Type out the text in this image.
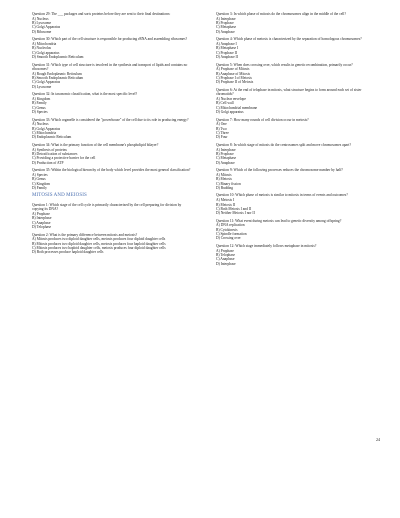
Question 29: The ___ packages and sorts proteins before they are sent to their final destinations:

A) Nucleus

B) Lysosome

C) Golgi Apparatus

D) Ribosome

Question 30: Which part of the cell structure is responsible for producing rRNA and assembling ribosomes?

A) Mitochondria

B) Nucleolus

C) Golgi apparatus

D) Smooth Endoplasmic Reticulum

Question 31: Which type of cell structure is involved in the synthesis and transport of lipids and contains no ribosomes?

A) Rough Endoplasmic Reticulum

B) Smooth Endoplasmic Reticulum

C) Golgi Apparatus

D) Lysosome

Question 32: In taxonomic classification, what is the most specific level?

A) Kingdom

B) Family

C) Genus

D) Species

Question 33: Which organelle is considered the "powerhouse" of the cell due to its role in producing energy?

A) Nucleus

B) Golgi Apparatus

C) Mitochondria

D) Endoplasmic Reticulum

Question 34: What is the primary function of the cell membrane's phospholipid bilayer?

A) Synthesis of proteins

B) Detoxification of substances

C) Providing a protective barrier for the cell

D) Production of ATP

Question 35: Within the biological hierarchy of the body which level provides the most general classification?

A) Species

B) Genus

C) Kingdom

D) Family

MITOSIS AND MEIOSIS

Question 1: Which stage of the cell cycle is primarily characterized by the cell preparing for division by copying its DNA?

A) Prophase

B) Interphase

C) Anaphase

D) Telophase

Question 2: What is the primary difference between mitosis and meiosis?

A) Mitosis produces two diploid daughter cells, meiosis produces four diploid daughter cells

B) Mitosis produces two diploid daughter cells, meiosis produces four haploid daughter cells

C) Mitosis produces two haploid daughter cells, meiosis produces four diploid daughter cells

D) Both processes produce haploid daughter cells

Question 3: In which phase of mitosis do the chromosomes align in the middle of the cell?

A) Interphase

B) Prophase

C) Metaphase

D) Anaphase

Question 4: Which phase of meiosis is characterized by the separation of homologous chromosomes?

A) Anaphase I

B) Metaphase I

C) Prophase II

D) Anaphase II

Question 5: When does crossing over, which results in genetic recombination, primarily occur?

A) Prophase of Mitosis

B) Anaphase of Mitosis

C) Prophase I of Meiosis

D) Prophase II of Meiosis

Question 6: At the end of telophase in mitosis, what structure begins to form around each set of sister chromatids?

A) Nuclear envelope

B) Cell wall

C) Mitochondrial membrane

D) Golgi apparatus

Question 7: How many rounds of cell division occur in meiosis?

A) One

B) Two

C) Three

D) Four

Question 8: In which stage of mitosis do the centrosomes split and move chromosomes apart?

A) Interphase

B) Prophase

C) Metaphase

D) Anaphase

Question 9: Which of the following processes reduces the chromosome number by half?

A) Mitosis

B) Meiosis

C) Binary fission

D) Budding

Question 10: Which phase of meiosis is similar to mitosis in terms of events and outcomes?

A) Meiosis I

B) Meiosis II

C) Both Meiosis I and II

D) Neither Meiosis I nor II

Question 11: What event during meiosis can lead to genetic diversity among offspring?

A) DNA replication

B) Cytokinesis

C) Spindle formation

D) Crossing over

Question 12: Which stage immediately follows metaphase in mitosis?

A) Prophase

B) Telophase

C) Anaphase

D) Interphase

24
